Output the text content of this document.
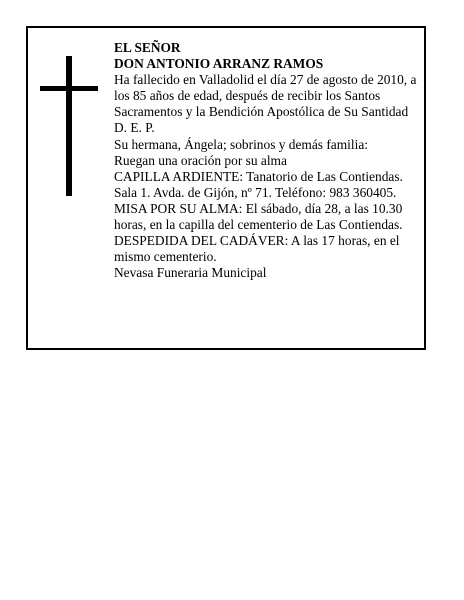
EL SEÑOR

DON ANTONIO ARRANZ RAMOS

Ha fallecido en Valladolid el día 27 de agosto de 2010, a los 85 años de edad, después de recibir los Santos Sacramentos y la Bendición Apostólica de Su Santidad D. E. P.

Su hermana, Ángela; sobrinos y demás familia:

Ruegan una oración por su alma

CAPILLA ARDIENTE: Tanatorio de Las Contiendas. Sala 1. Avda. de Gijón, nº 71. Teléfono: 983 360405.

MISA POR SU ALMA: El sábado, día 28, a las 10.30 horas, en la capilla del cementerio de Las Contiendas.

DESPEDIDA DEL CADÁVER: A las 17 horas, en el mismo cementerio.

Nevasa Funeraria Municipal
